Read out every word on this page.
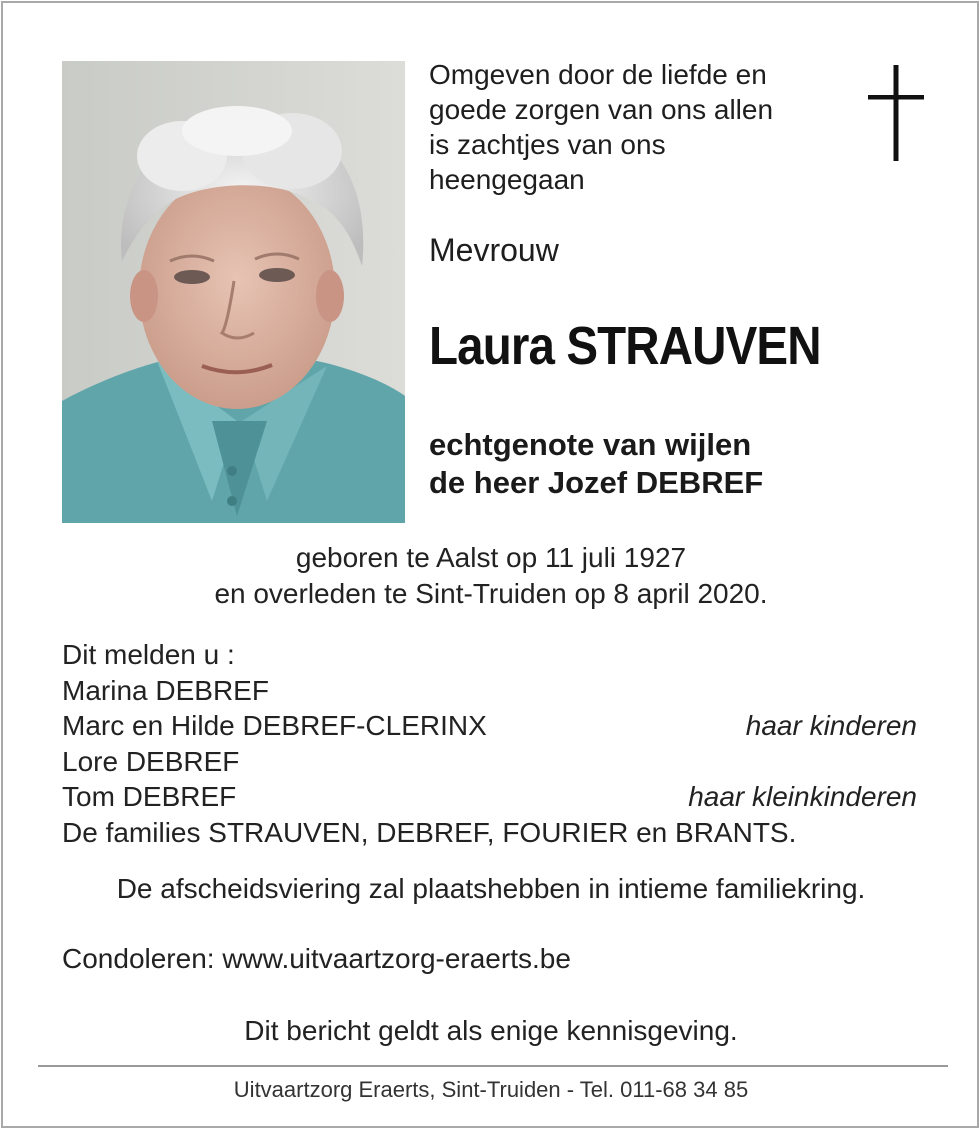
Omgeven door de liefde en
goede zorgen van ons allen
is zachtjes van ons
heengegaan
Mevrouw
Laura STRAUVEN
echtgenote van wijlen
de heer Jozef DEBREF
geboren te Aalst op 11 juli 1927
en overleden te Sint-Truiden op 8 april 2020.
Dit melden u :
Marina DEBREF
Marc en Hilde DEBREF-CLERINX	haar kinderen
Lore DEBREF
Tom DEBREF	haar kleinkinderen
De families STRAUVEN, DEBREF, FOURIER en BRANTS.
De afscheidsviering zal plaatshebben in intieme familiekring.
Condoleren: www.uitvaartzorg-eraerts.be
Dit bericht geldt als enige kennisgeving.
Uitvaartzorg Eraerts, Sint-Truiden - Tel. 011-68 34 85
